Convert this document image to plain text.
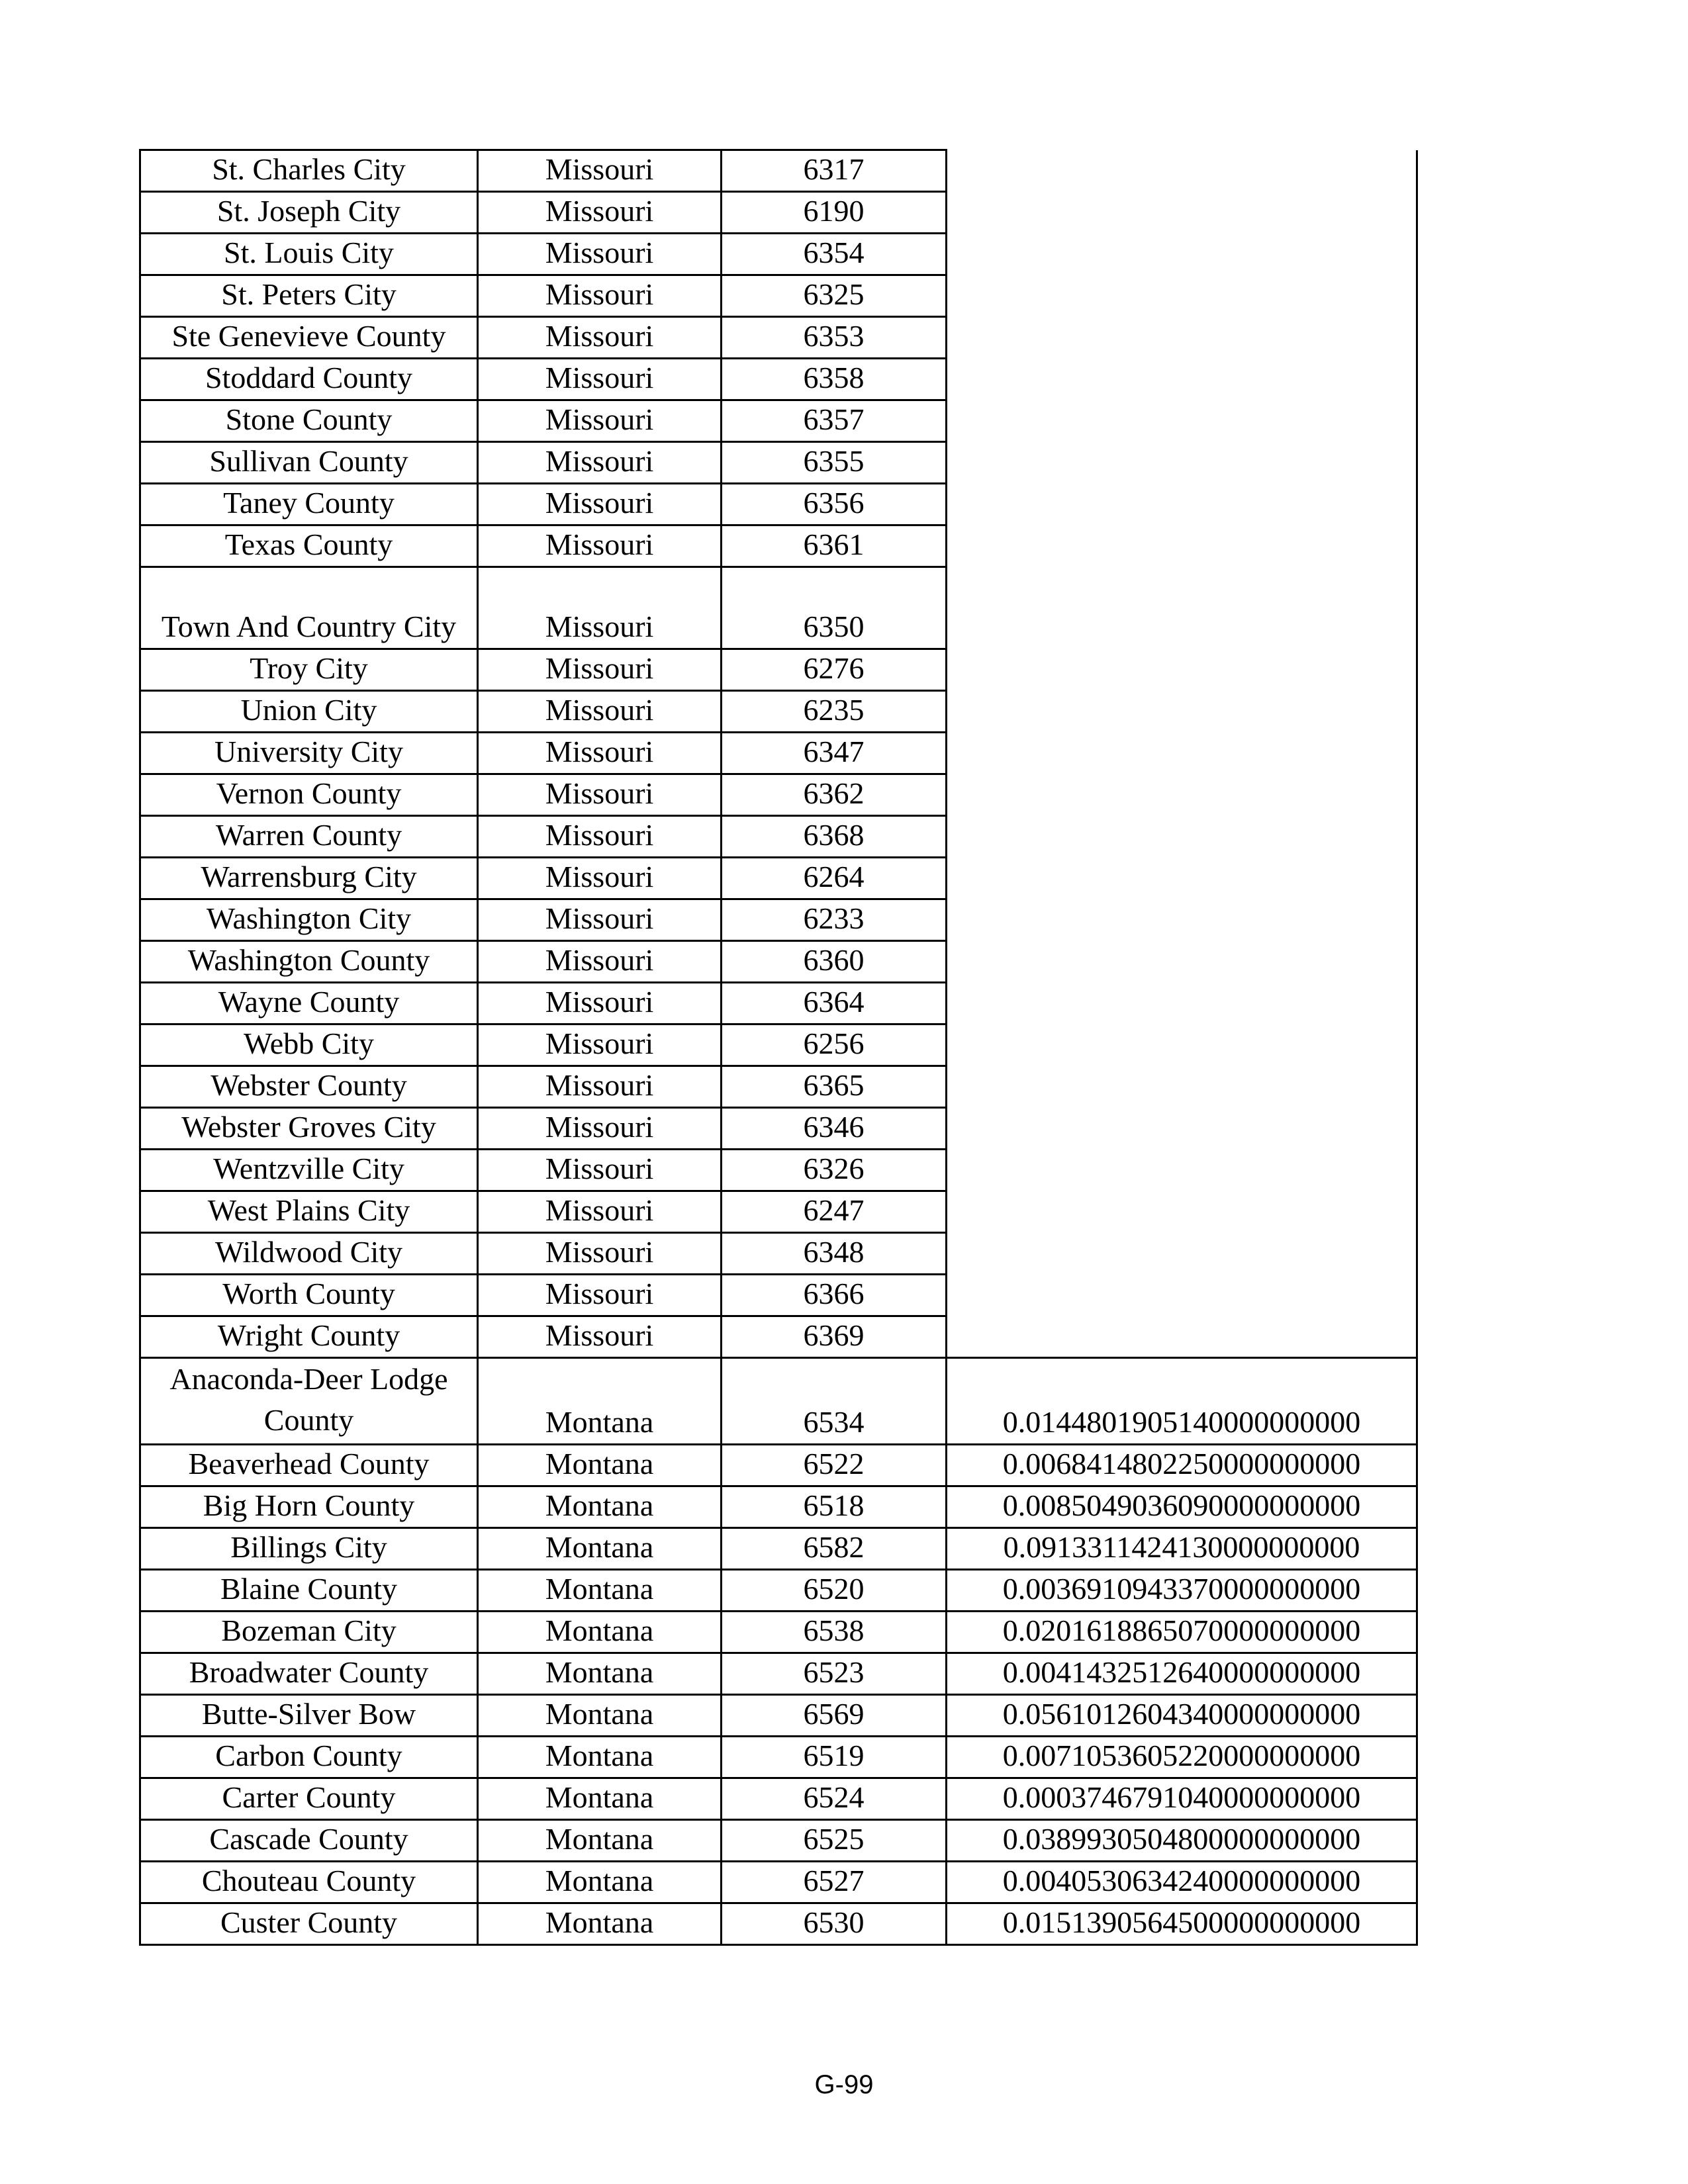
St. Charles City	Missouri	6317	
St. Joseph City	Missouri	6190	
St. Louis City	Missouri	6354	
St. Peters City	Missouri	6325	
Ste Genevieve County	Missouri	6353	
Stoddard County	Missouri	6358	
Stone County	Missouri	6357	
Sullivan County	Missouri	6355	
Taney County	Missouri	6356	
Texas County	Missouri	6361	
Town And Country City	Missouri	6350	
Troy City	Missouri	6276	
Union City	Missouri	6235	
University City	Missouri	6347	
Vernon County	Missouri	6362	
Warren County	Missouri	6368	
Warrensburg City	Missouri	6264	
Washington City	Missouri	6233	
Washington County	Missouri	6360	
Wayne County	Missouri	6364	
Webb City	Missouri	6256	
Webster County	Missouri	6365	
Webster Groves City	Missouri	6346	
Wentzville City	Missouri	6326	
West Plains City	Missouri	6247	
Wildwood City	Missouri	6348	
Worth County	Missouri	6366	
Wright County	Missouri	6369	
Anaconda-Deer Lodge County	Montana	6534	0.0144801905140000000000
Beaverhead County	Montana	6522	0.0068414802250000000000
Big Horn County	Montana	6518	0.0085049036090000000000
Billings City	Montana	6582	0.0913311424130000000000
Blaine County	Montana	6520	0.0036910943370000000000
Bozeman City	Montana	6538	0.0201618865070000000000
Broadwater County	Montana	6523	0.0041432512640000000000
Butte-Silver Bow	Montana	6569	0.0561012604340000000000
Carbon County	Montana	6519	0.0071053605220000000000
Carter County	Montana	6524	0.0003746791040000000000
Cascade County	Montana	6525	0.0389930504800000000000
Chouteau County	Montana	6527	0.0040530634240000000000
Custer County	Montana	6530	0.0151390564500000000000
G-99
